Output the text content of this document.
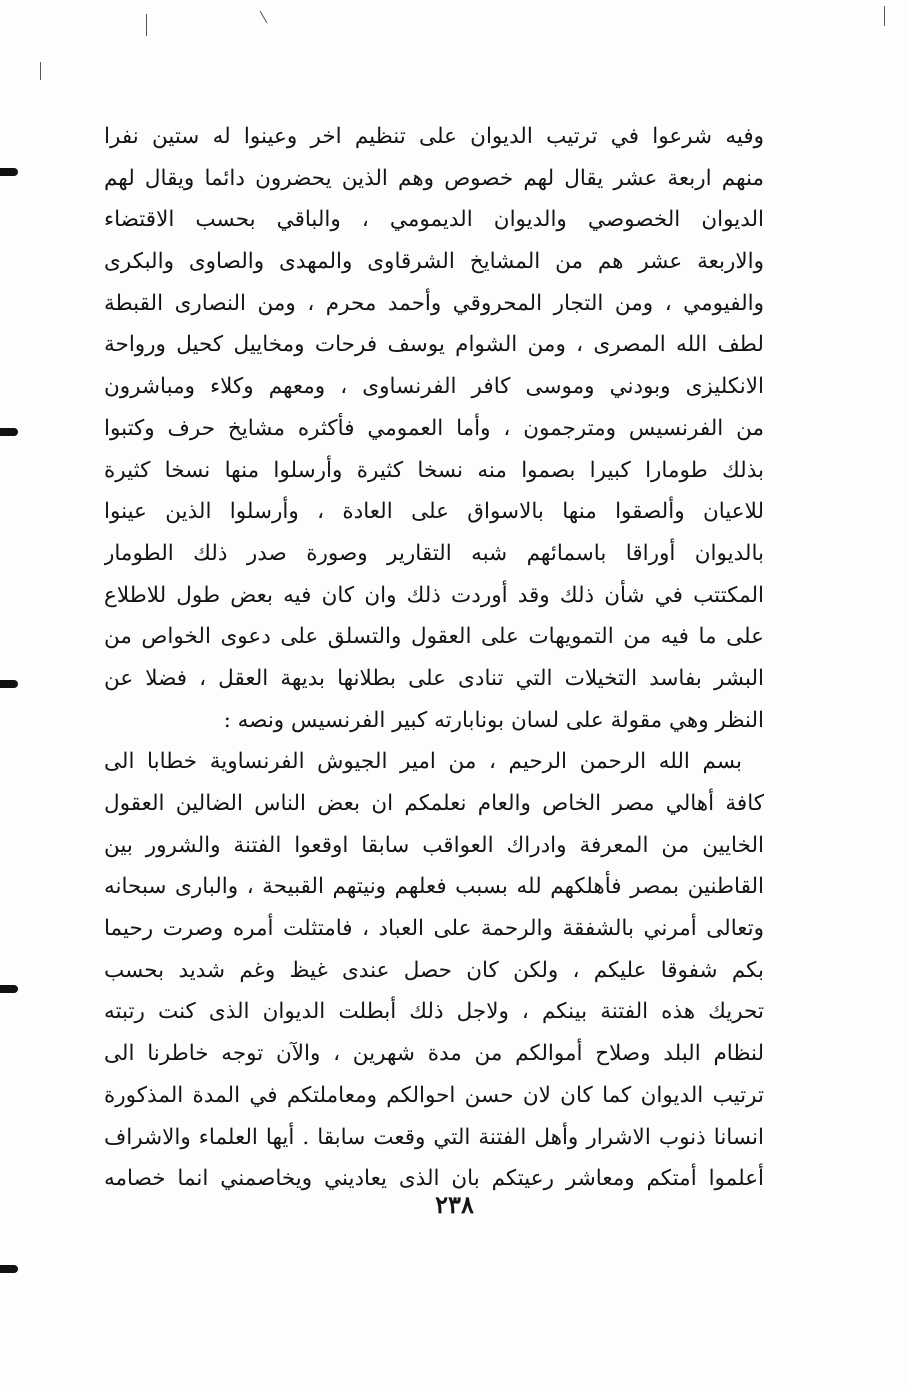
وفيه شرعوا في ترتيب الديوان على تنظيم اخر وعينوا له ستين نفرا
منهم اربعة عشر يقال لهم خصوص وهم الذين يحضرون دائما ويقال لهم
الديوان الخصوصي والديوان الديمومي ، والباقي بحسب الاقتضاء
والاربعة عشر هم من المشايخ الشرقاوى والمهدى والصاوى والبكرى
والفيومي ، ومن التجار المحروقي وأحمد محرم ، ومن النصارى القبطة
لطف الله المصرى ، ومن الشوام يوسف فرحات ومخاييل كحيل ورواحة
الانكليزى وبودني وموسى كافر الفرنساوى ، ومعهم وكلاء ومباشرون
من الفرنسيس ومترجمون ، وأما العمومي فأكثره مشايخ حرف وكتبوا
بذلك طومارا كبيرا بصموا منه نسخا كثيرة وأرسلوا منها نسخا كثيرة
للاعيان وألصقوا منها بالاسواق على العادة ، وأرسلوا الذين عينوا
بالديوان أوراقا باسمائهم شبه التقارير وصورة صدر ذلك الطومار
المكتتب في شأن ذلك وقد أوردت ذلك وان كان فيه بعض طول للاطلاع
على ما فيه من التمويهات على العقول والتسلق على دعوى الخواص من
البشر بفاسد التخيلات التي تنادى على بطلانها بديهة العقل ، فضلا عن
النظر وهي مقولة على لسان بونابارته كبير الفرنسيس ونصه :
بسم الله الرحمن الرحيم ، من امير الجيوش الفرنساوية خطابا الى
كافة أهالي مصر الخاص والعام نعلمكم ان بعض الناس الضالين العقول
الخايين من المعرفة وادراك العواقب سابقا اوقعوا الفتنة والشرور بين
القاطنين بمصر فأهلكهم لله بسبب فعلهم ونيتهم القبيحة ، والبارى سبحانه
وتعالى أمرني بالشفقة والرحمة على العباد ، فامتثلت أمره وصرت رحيما
بكم شفوقا عليكم ، ولكن كان حصل عندى غيظ وغم شديد بحسب
تحريك هذه الفتنة بينكم ، ولاجل ذلك أبطلت الديوان الذى كنت رتبته
لنظام البلد وصلاح أموالكم من مدة شهرين ، والآن توجه خاطرنا الى
ترتيب الديوان كما كان لان حسن احوالكم ومعاملتكم في المدة المذكورة
انسانا ذنوب الاشرار وأهل الفتنة التي وقعت سابقا . أيها العلماء والاشراف
أعلموا أمتكم ومعاشر رعيتكم بان الذى يعاديني ويخاصمني انما خصامه
٢٣٨
